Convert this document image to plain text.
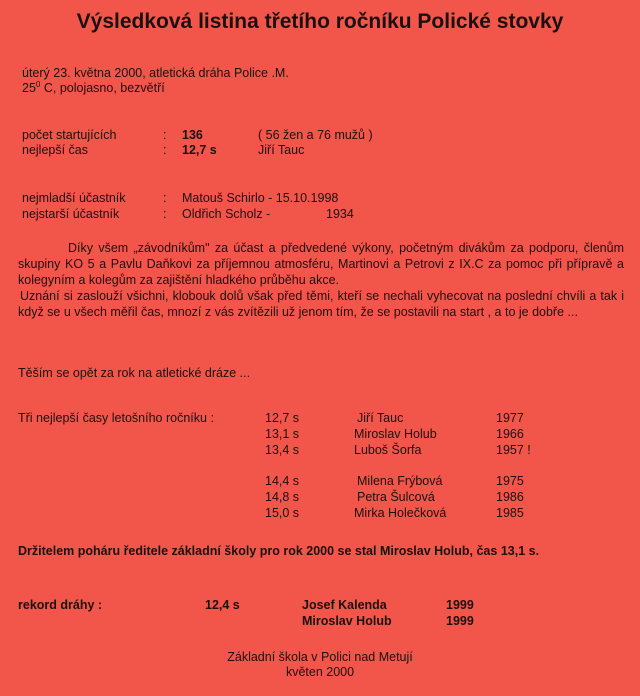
Výsledková listina třetího ročníku Polické stovky
úterý 23. května 2000, atletická dráha Police .M.
$25^0$ C, polojasno, bezvětří
počet startujících	: 136	( 56 žen a 76 mužů )
nejlepší čas	: 12,7 s	Jiří Tauc
nejmladší účastník	: Matouš Schirlo - 15.10.1998
nejstarší účastník	: Oldřich Scholz -	1934

Díky všem „závodníkům" za účast a předvedené výkony, početným divákům za podporu, členům skupiny KO 5 a Pavlu Daňkovi za příjemnou atmosféru, Martinovi a Petrovi z IX.C za pomoc při přípravě a kolegyním a kolegům za zajištění hladkého průběhu akce.

Uznání si zaslouží všichni, klobouk dolů však před těmi, kteří se nechali vyhecovat na poslední chvíli a tak i když se u všech měřil čas, mnozí z vás zvítězili už jenom tím, že se postavili na start , a to je dobře ...

Těším se opět za rok na atletické dráze ...
Tři nejlepší časy letošního ročníku :	12,7 s	Jiří Tauc	1977
13,1 s	Miroslav Holub	1966
13,4 s	Luboš Šorfa	1957 !
14,4 s	Milena Frýbová	1975
14,8 s	Petra Šulcová	1986
15,0 s	Mirka Holečková	1985
Držitelem poháru ředitele základní školy pro rok 2000 se stal Miroslav Holub, čas 13,1 s.
rekord dráhy :	12,4 s	Josef Kalenda	1999
Miroslav Holub	1999
Základní škola v Polici nad Metují
květen 2000
